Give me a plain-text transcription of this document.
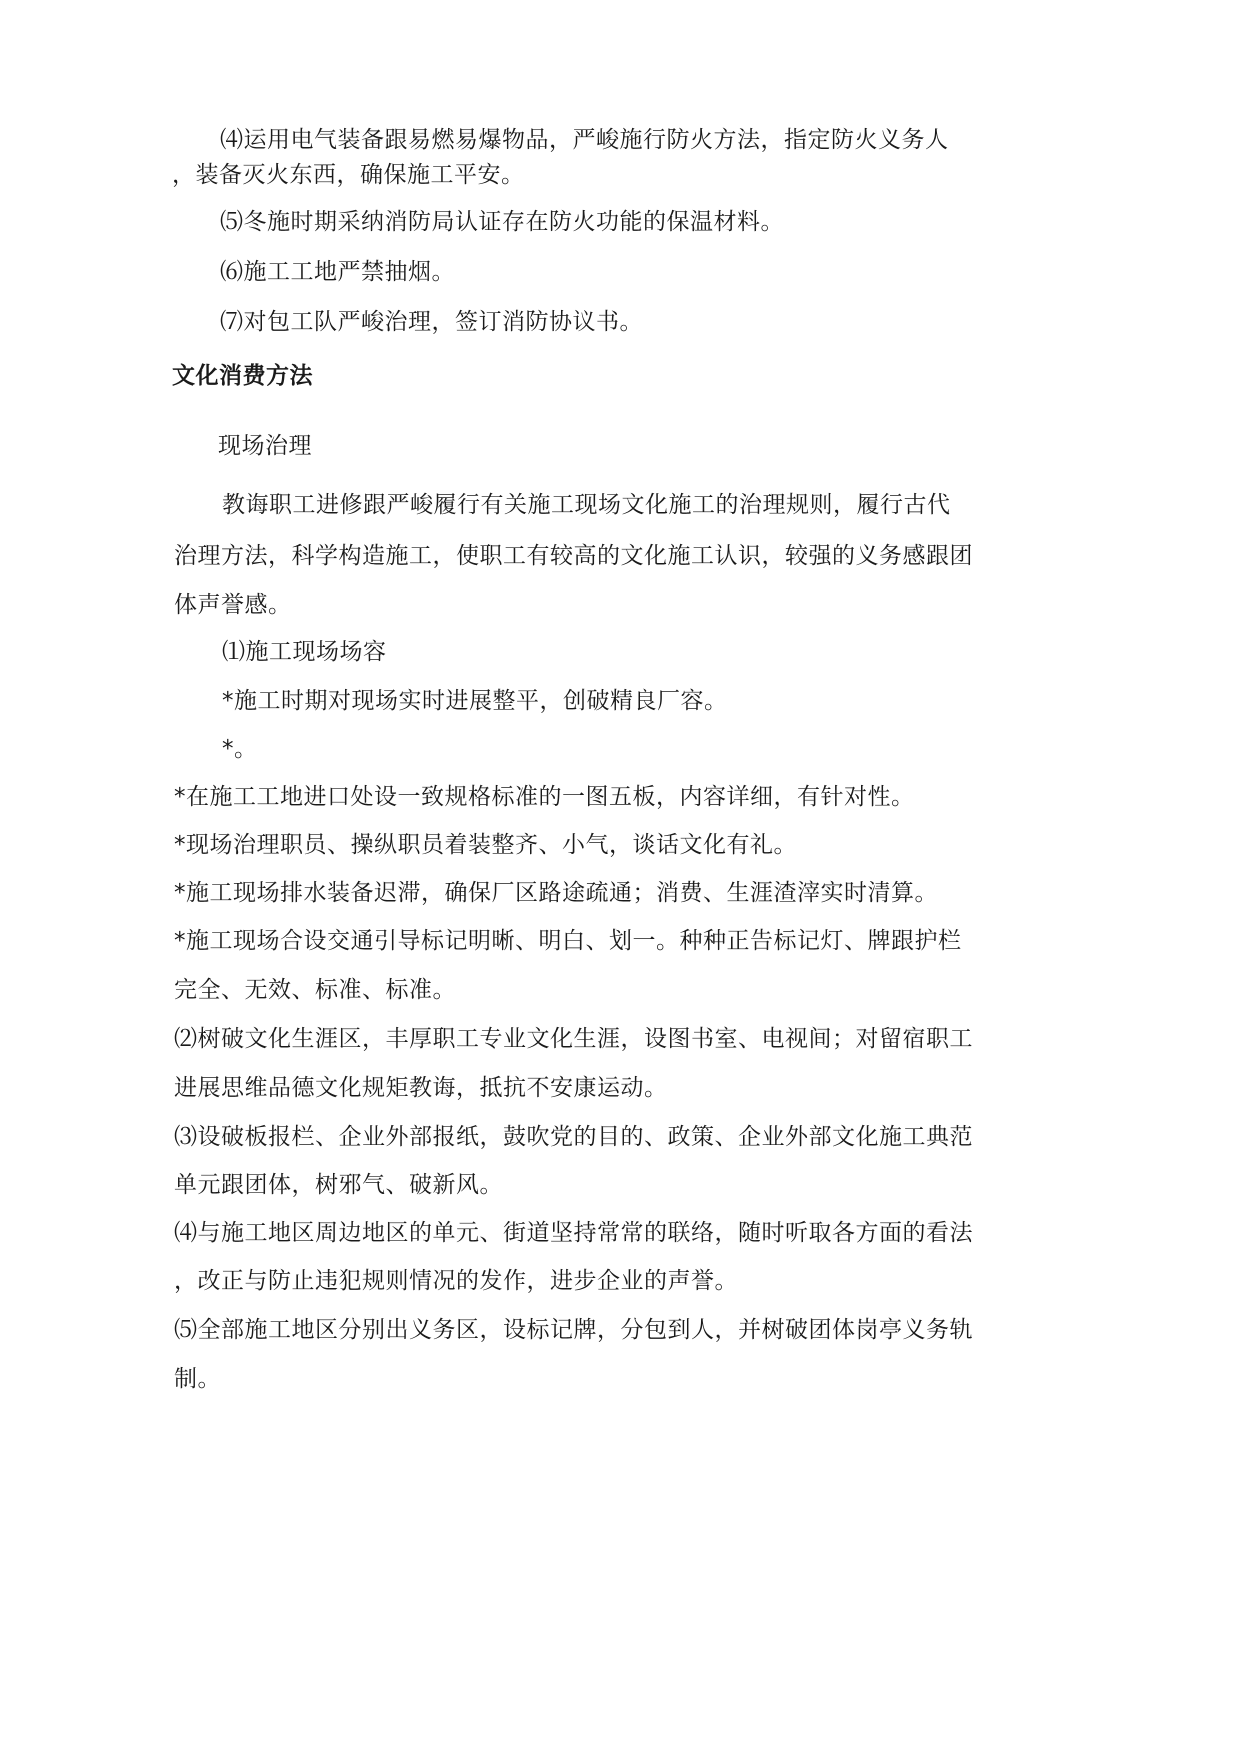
⑷运用电气装备跟易燃易爆物品，严峻施行防火方法，指定防火义务人
，装备灭火东西，确保施工平安。
⑸冬施时期采纳消防局认证存在防火功能的保温材料。
⑹施工工地严禁抽烟。
⑺对包工队严峻治理，签订消防协议书。
文化消费方法
现场治理
教诲职工进修跟严峻履行有关施工现场文化施工的治理规则，履行古代
治理方法，科学构造施工，使职工有较高的文化施工认识，较强的义务感跟团
体声誉感。
⑴施工现场场容
*施工时期对现场实时进展整平，创破精良厂容。
*。
*在施工工地进口处设一致规格标准的一图五板，内容详细，有针对性。
*现场治理职员、操纵职员着装整齐、小气，谈话文化有礼。
*施工现场排水装备迟滞，确保厂区路途疏通；消费、生涯渣滓实时清算。
*施工现场合设交通引导标记明晰、明白、划一。种种正告标记灯、牌跟护栏
完全、无效、标准、标准。
⑵树破文化生涯区，丰厚职工专业文化生涯，设图书室、电视间；对留宿职工
进展思维品德文化规矩教诲，抵抗不安康运动。
⑶设破板报栏、企业外部报纸，鼓吹党的目的、政策、企业外部文化施工典范
单元跟团体，树邪气、破新风。
⑷与施工地区周边地区的单元、街道坚持常常的联络，随时听取各方面的看法
，改正与防止违犯规则情况的发作，进步企业的声誉。
⑸全部施工地区分别出义务区，设标记牌，分包到人，并树破团体岗亭义务轨
制。
